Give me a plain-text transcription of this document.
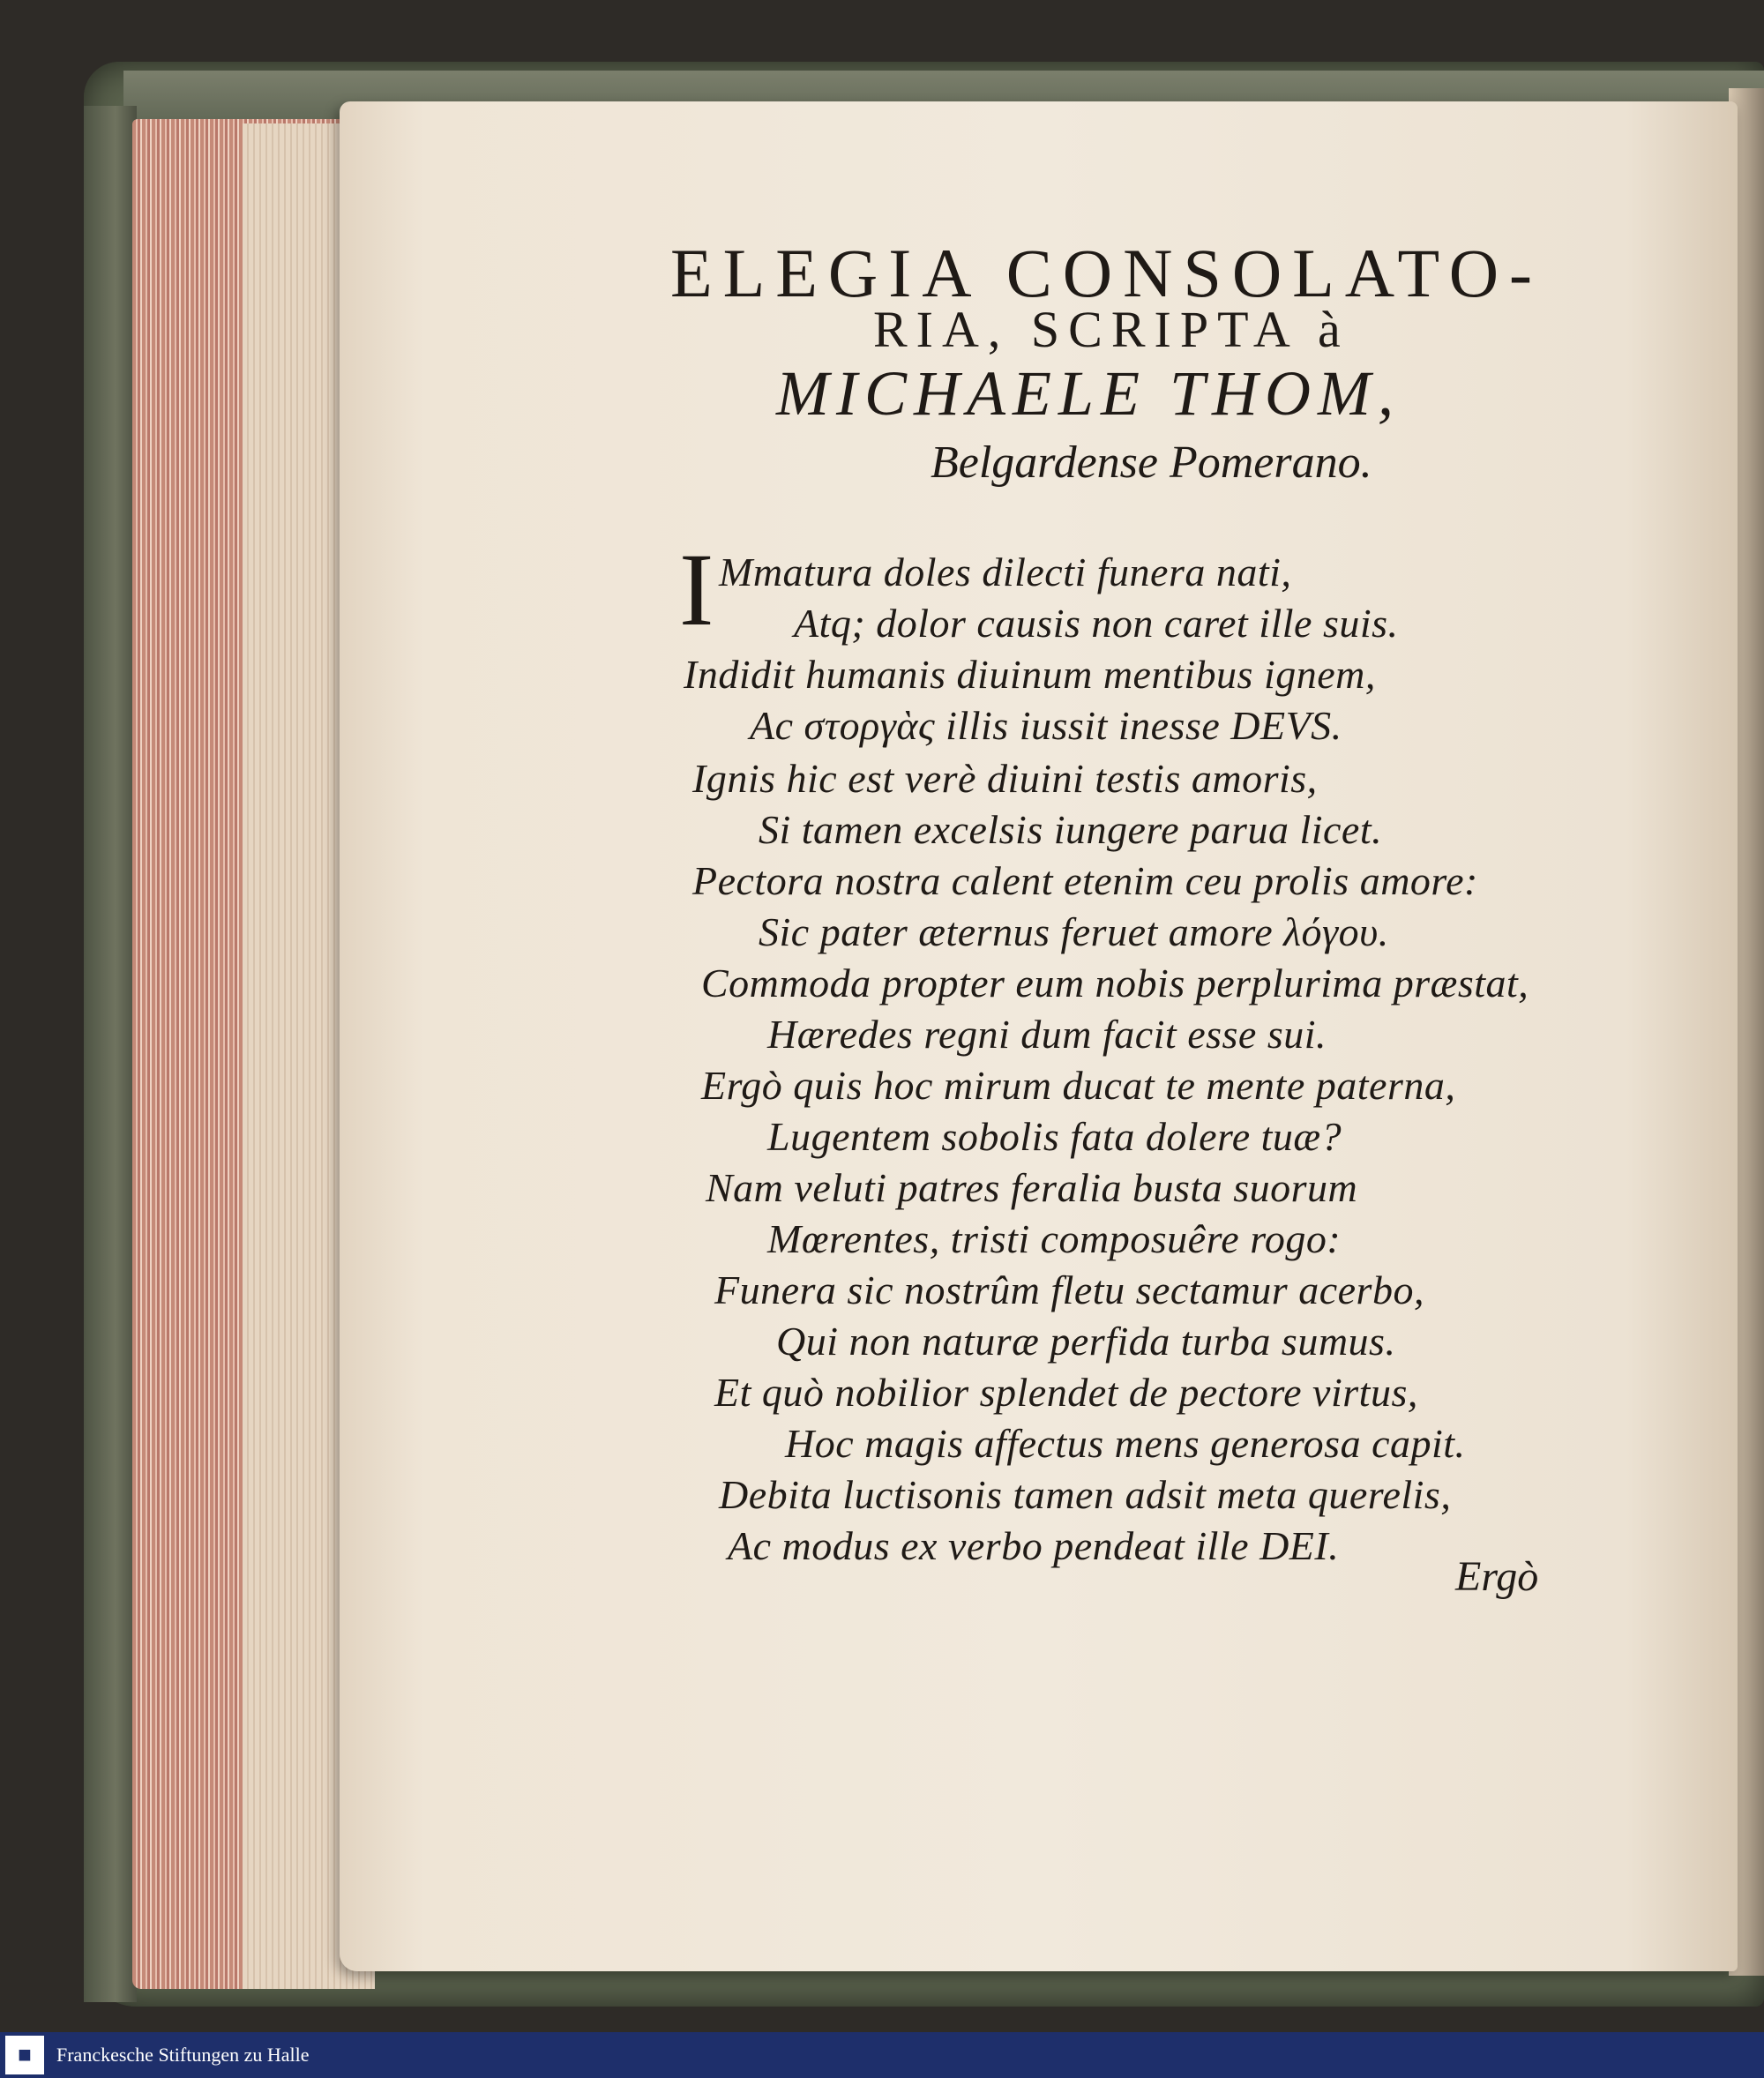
ELEGIA CONSOLATO-
RIA, SCRIPTA à
MICHAELE THOM,
Belgardense Pomerano.
I Mmatura doles dilecti funera nati,
Atq; dolor causis non caret ille suis.
Indidit humanis diuinum mentibus ignem,
Ac στοργὰς illis iussit inesse DEVS.
Ignis hic est verè diuini testis amoris,
Si tamen excelsis iungere parua licet.
Pectora nostra calent etenim ceu prolis amore:
Sic pater æternus feruet amore λόγου.
Commoda propter eum nobis perplurima præstat,
Hæredes regni dum facit esse sui.
Ergò quis hoc mirum ducat te mente paterna,
Lugentem sobolis fata dolere tuæ?
Nam veluti patres feralia busta suorum
Mœrentes, tristi composuêre rogo:
Funera sic nostrûm fletu sectamur acerbo,
Qui non naturæ perfida turba sumus.
Et quò nobilior splendet de pectore virtus,
Hoc magis affectus mens generosa capit.
Debita luctisonis tamen adsit meta querelis,
Ac modus ex verbo pendeat ille DEI.
Ergò
■	Franckesche Stiftungen zu Halle
